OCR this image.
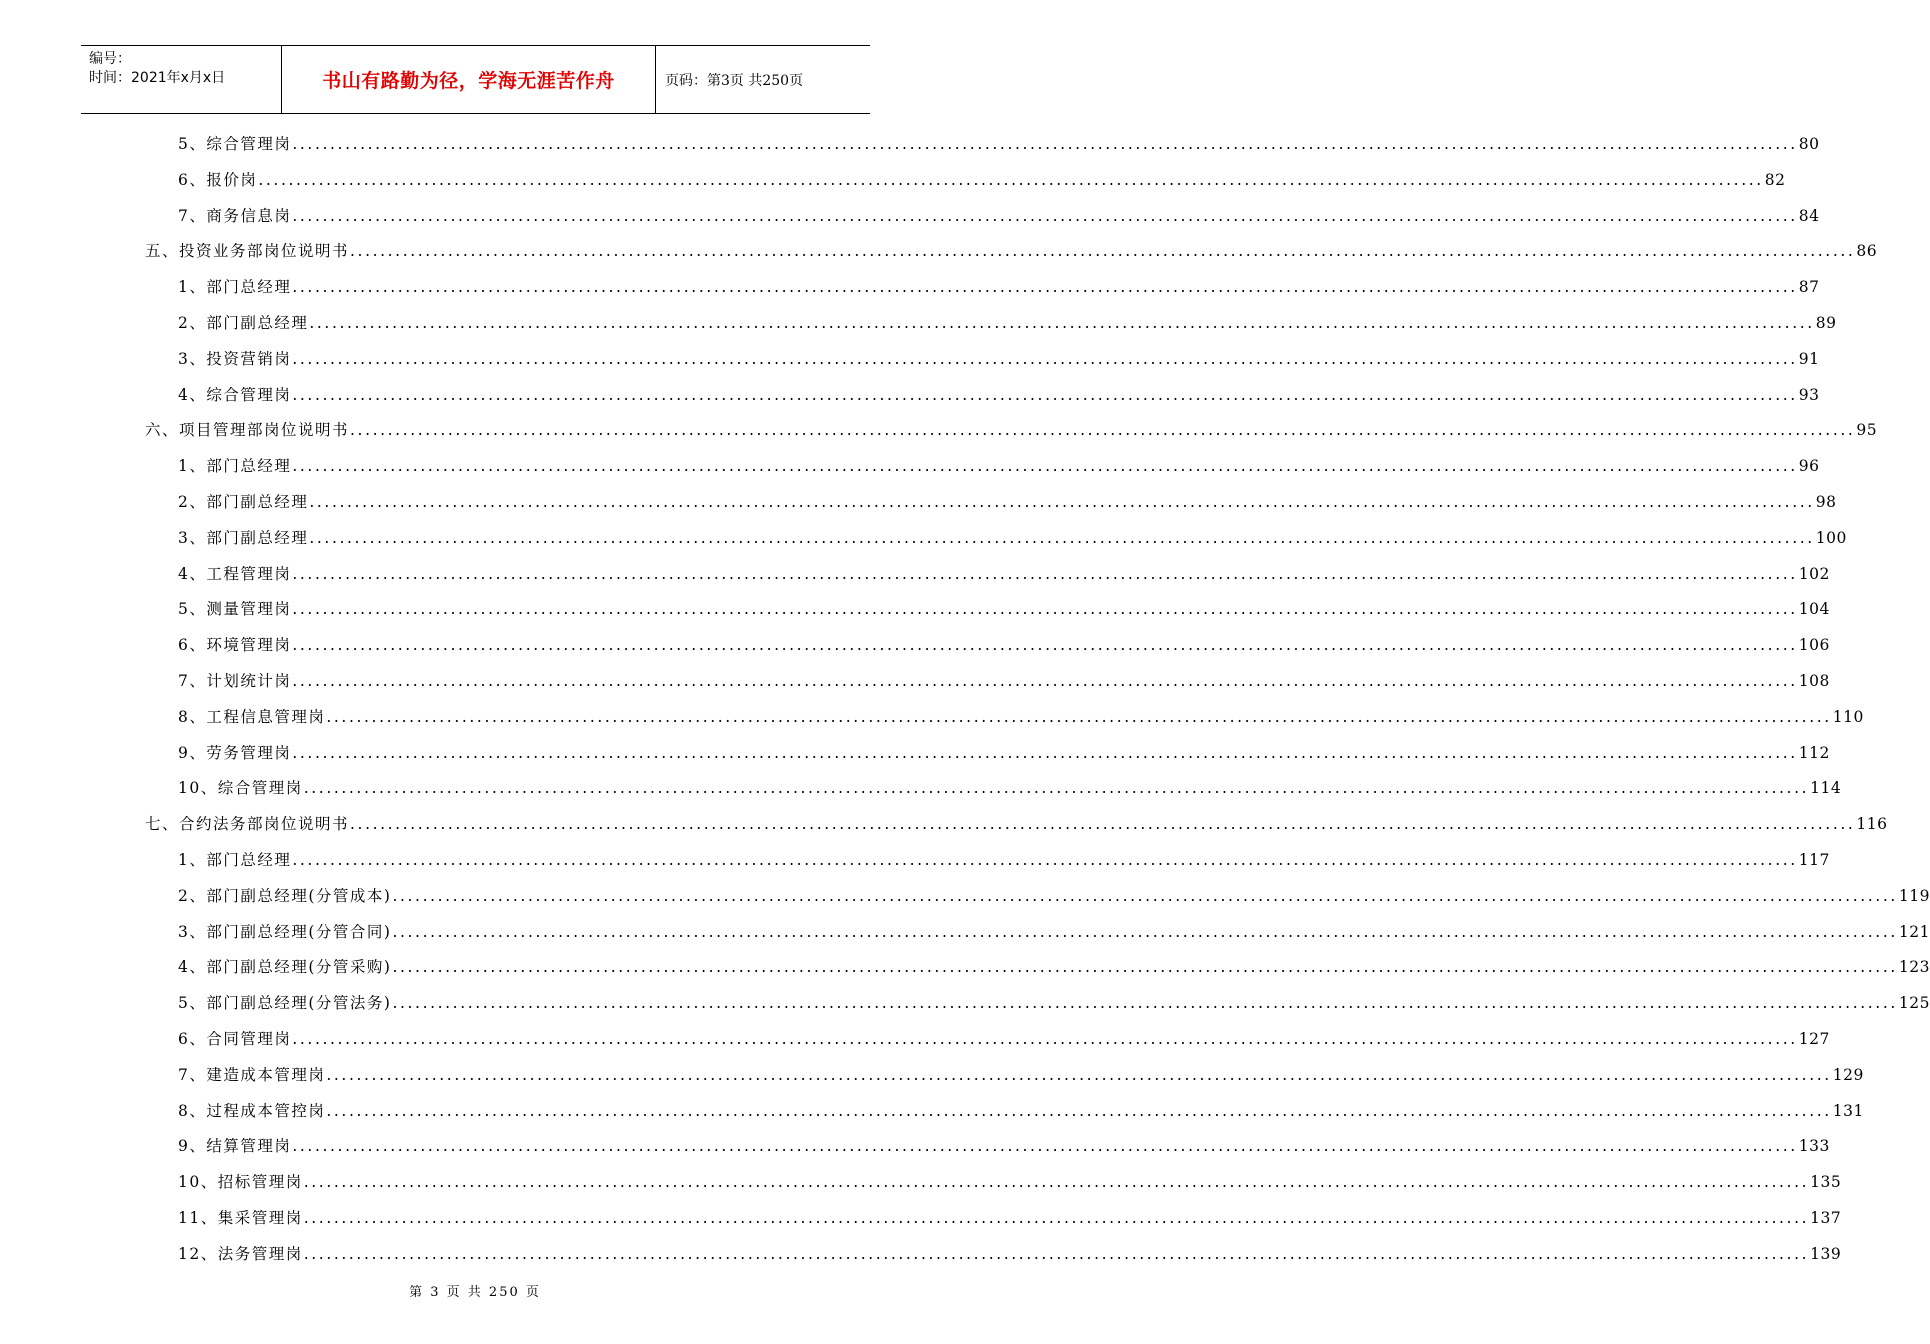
编号：
时间：2021年x月x日	书山有路勤为径，学海无涯苦作舟	页码：第3页 共250页
5、综合管理岗 ........................................................................................................................................................................................................ 80
6、报价岗 ........................................................................................................................................................................................................ 82
7、商务信息岗 ........................................................................................................................................................................................................ 84
五、投资业务部岗位说明书 ........................................................................................................................................................................................................ 86
1、部门总经理 ........................................................................................................................................................................................................ 87
2、部门副总经理 ........................................................................................................................................................................................................ 89
3、投资营销岗 ........................................................................................................................................................................................................ 91
4、综合管理岗 ........................................................................................................................................................................................................ 93
六、项目管理部岗位说明书 ........................................................................................................................................................................................................ 95
1、部门总经理 ........................................................................................................................................................................................................ 96
2、部门副总经理 ........................................................................................................................................................................................................ 98
3、部门副总经理 ........................................................................................................................................................................................................ 100
4、工程管理岗 ........................................................................................................................................................................................................ 102
5、测量管理岗 ........................................................................................................................................................................................................ 104
6、环境管理岗 ........................................................................................................................................................................................................ 106
7、计划统计岗 ........................................................................................................................................................................................................ 108
8、工程信息管理岗 ........................................................................................................................................................................................................ 110
9、劳务管理岗 ........................................................................................................................................................................................................ 112
10、综合管理岗 ........................................................................................................................................................................................................ 114
七、合约法务部岗位说明书 ........................................................................................................................................................................................................ 116
1、部门总经理 ........................................................................................................................................................................................................ 117
2、部门副总经理(分管成本) ........................................................................................................................................................................................................ 119
3、部门副总经理(分管合同) ........................................................................................................................................................................................................ 121
4、部门副总经理(分管采购) ........................................................................................................................................................................................................ 123
5、部门副总经理(分管法务) ........................................................................................................................................................................................................ 125
6、合同管理岗 ........................................................................................................................................................................................................ 127
7、建造成本管理岗 ........................................................................................................................................................................................................ 129
8、过程成本管控岗 ........................................................................................................................................................................................................ 131
9、结算管理岗 ........................................................................................................................................................................................................ 133
10、招标管理岗 ........................................................................................................................................................................................................ 135
11、集采管理岗 ........................................................................................................................................................................................................ 137
12、法务管理岗 ........................................................................................................................................................................................................ 139
第 3 页 共 250 页
